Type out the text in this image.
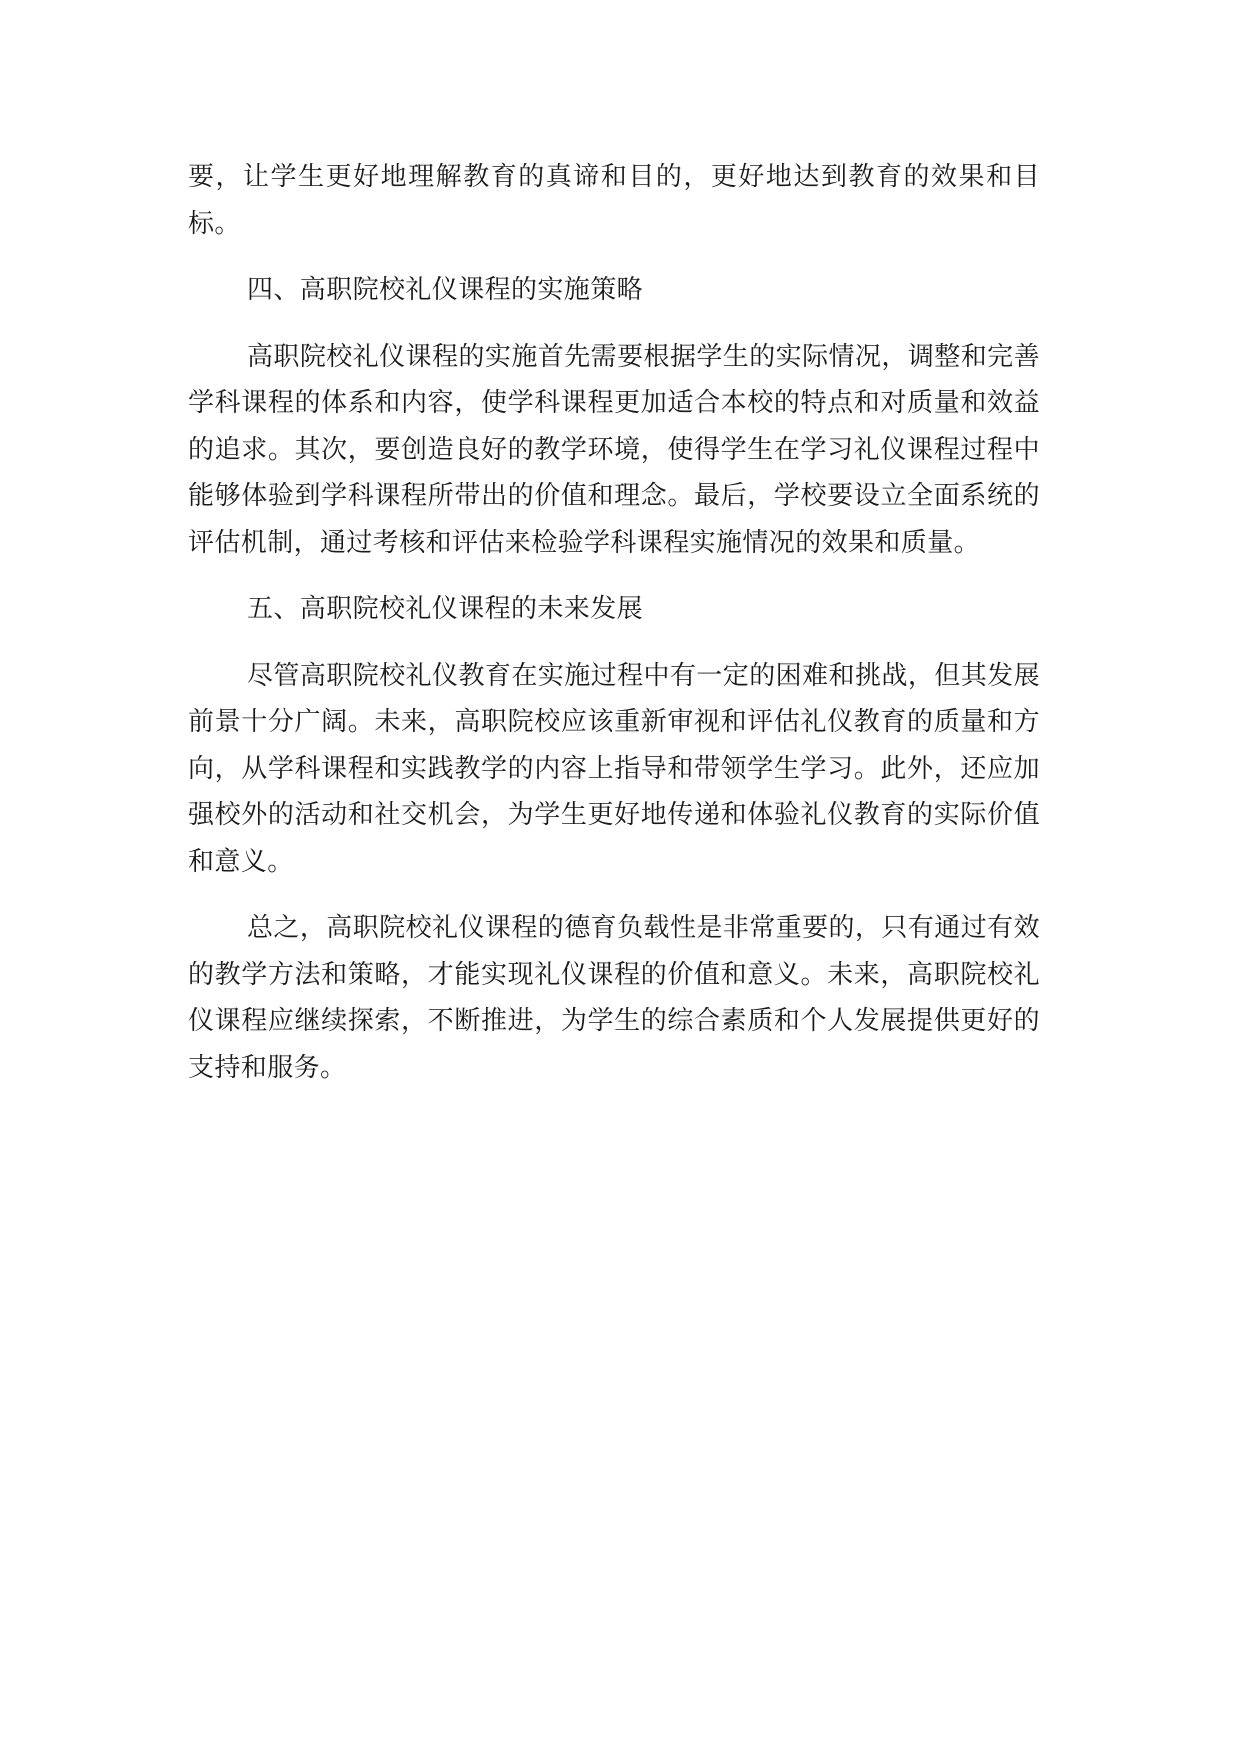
要，让学生更好地理解教育的真谛和目的，更好地达到教育的效果和目标。

四、高职院校礼仪课程的实施策略

高职院校礼仪课程的实施首先需要根据学生的实际情况，调整和完善学科课程的体系和内容，使学科课程更加适合本校的特点和对质量和效益的追求。其次，要创造良好的教学环境，使得学生在学习礼仪课程过程中能够体验到学科课程所带出的价值和理念。最后，学校要设立全面系统的评估机制，通过考核和评估来检验学科课程实施情况的效果和质量。

五、高职院校礼仪课程的未来发展

尽管高职院校礼仪教育在实施过程中有一定的困难和挑战，但其发展前景十分广阔。未来，高职院校应该重新审视和评估礼仪教育的质量和方向，从学科课程和实践教学的内容上指导和带领学生学习。此外，还应加强校外的活动和社交机会，为学生更好地传递和体验礼仪教育的实际价值和意义。

总之，高职院校礼仪课程的德育负载性是非常重要的，只有通过有效的教学方法和策略，才能实现礼仪课程的价值和意义。未来，高职院校礼仪课程应继续探索，不断推进，为学生的综合素质和个人发展提供更好的支持和服务。
